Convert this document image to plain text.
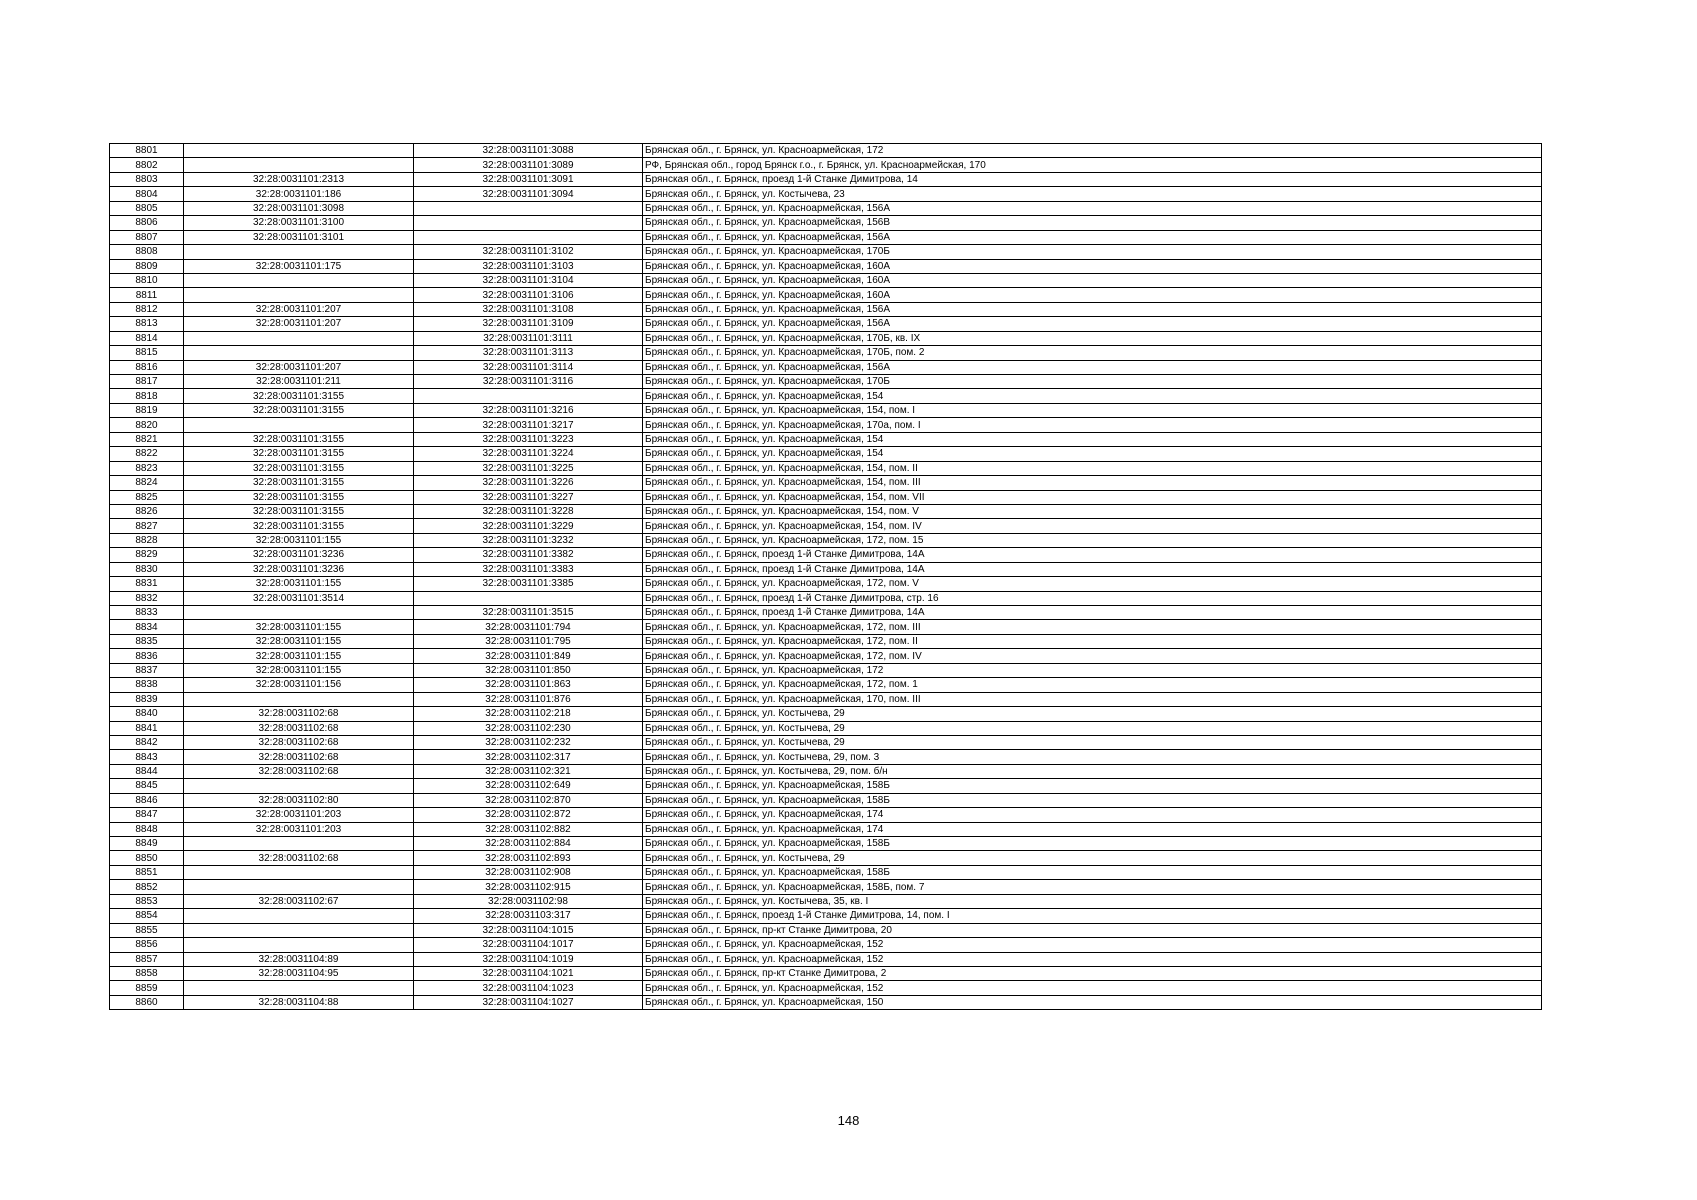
8801		32:28:0031101:3088	Брянская обл., г. Брянск, ул. Красноармейская, 172
8802		32:28:0031101:3089	РФ, Брянская обл., город Брянск г.о., г. Брянск, ул. Красноармейская, 170
8803	32:28:0031101:2313	32:28:0031101:3091	Брянская обл., г. Брянск, проезд 1-й Станке Димитрова, 14
8804	32:28:0031101:186	32:28:0031101:3094	Брянская обл., г. Брянск, ул. Костычева, 23
8805	32:28:0031101:3098		Брянская обл., г. Брянск, ул. Красноармейская, 156А
8806	32:28:0031101:3100		Брянская обл., г. Брянск, ул. Красноармейская, 156В
8807	32:28:0031101:3101		Брянская обл., г. Брянск, ул. Красноармейская, 156А
8808		32:28:0031101:3102	Брянская обл., г. Брянск, ул. Красноармейская, 170Б
8809	32:28:0031101:175	32:28:0031101:3103	Брянская обл., г. Брянск, ул. Красноармейская, 160А
8810		32:28:0031101:3104	Брянская обл., г. Брянск, ул. Красноармейская, 160А
8811		32:28:0031101:3106	Брянская обл., г. Брянск, ул. Красноармейская, 160А
8812	32:28:0031101:207	32:28:0031101:3108	Брянская обл., г. Брянск, ул. Красноармейская, 156А
8813	32:28:0031101:207	32:28:0031101:3109	Брянская обл., г. Брянск, ул. Красноармейская, 156А
8814		32:28:0031101:3111	Брянская обл., г. Брянск, ул. Красноармейская, 170Б, кв. IX
8815		32:28:0031101:3113	Брянская обл., г. Брянск, ул. Красноармейская, 170Б, пом. 2
8816	32:28:0031101:207	32:28:0031101:3114	Брянская обл., г. Брянск, ул. Красноармейская, 156А
8817	32:28:0031101:211	32:28:0031101:3116	Брянская обл., г. Брянск, ул. Красноармейская, 170Б
8818	32:28:0031101:3155		Брянская обл., г. Брянск, ул. Красноармейская, 154
8819	32:28:0031101:3155	32:28:0031101:3216	Брянская обл., г. Брянск, ул. Красноармейская, 154, пом. I
8820		32:28:0031101:3217	Брянская обл., г. Брянск, ул. Красноармейская, 170а, пом. I
8821	32:28:0031101:3155	32:28:0031101:3223	Брянская обл., г. Брянск, ул. Красноармейская, 154
8822	32:28:0031101:3155	32:28:0031101:3224	Брянская обл., г. Брянск, ул. Красноармейская, 154
8823	32:28:0031101:3155	32:28:0031101:3225	Брянская обл., г. Брянск, ул. Красноармейская, 154, пом. II
8824	32:28:0031101:3155	32:28:0031101:3226	Брянская обл., г. Брянск, ул. Красноармейская, 154, пом. III
8825	32:28:0031101:3155	32:28:0031101:3227	Брянская обл., г. Брянск, ул. Красноармейская, 154, пом. VII
8826	32:28:0031101:3155	32:28:0031101:3228	Брянская обл., г. Брянск, ул. Красноармейская, 154, пом. V
8827	32:28:0031101:3155	32:28:0031101:3229	Брянская обл., г. Брянск, ул. Красноармейская, 154, пом. IV
8828	32:28:0031101:155	32:28:0031101:3232	Брянская обл., г. Брянск, ул. Красноармейская, 172, пом. 15
8829	32:28:0031101:3236	32:28:0031101:3382	Брянская обл., г. Брянск, проезд 1-й Станке Димитрова, 14А
8830	32:28:0031101:3236	32:28:0031101:3383	Брянская обл., г. Брянск, проезд 1-й Станке Димитрова, 14А
8831	32:28:0031101:155	32:28:0031101:3385	Брянская обл., г. Брянск, ул. Красноармейская, 172, пом. V
8832	32:28:0031101:3514		Брянская обл., г. Брянск, проезд 1-й Станке Димитрова, стр. 16
8833		32:28:0031101:3515	Брянская обл., г. Брянск, проезд 1-й Станке Димитрова, 14А
8834	32:28:0031101:155	32:28:0031101:794	Брянская обл., г. Брянск, ул. Красноармейская, 172, пом. III
8835	32:28:0031101:155	32:28:0031101:795	Брянская обл., г. Брянск, ул. Красноармейская, 172, пом. II
8836	32:28:0031101:155	32:28:0031101:849	Брянская обл., г. Брянск, ул. Красноармейская, 172, пом. IV
8837	32:28:0031101:155	32:28:0031101:850	Брянская обл., г. Брянск, ул. Красноармейская, 172
8838	32:28:0031101:156	32:28:0031101:863	Брянская обл., г. Брянск, ул. Красноармейская, 172, пом. 1
8839		32:28:0031101:876	Брянская обл., г. Брянск, ул. Красноармейская, 170, пом. III
8840	32:28:0031102:68	32:28:0031102:218	Брянская обл., г. Брянск, ул. Костычева, 29
8841	32:28:0031102:68	32:28:0031102:230	Брянская обл., г. Брянск, ул. Костычева, 29
8842	32:28:0031102:68	32:28:0031102:232	Брянская обл., г. Брянск, ул. Костычева, 29
8843	32:28:0031102:68	32:28:0031102:317	Брянская обл., г. Брянск, ул. Костычева, 29, пом. 3
8844	32:28:0031102:68	32:28:0031102:321	Брянская обл., г. Брянск, ул. Костычева, 29, пом. б/н
8845		32:28:0031102:649	Брянская обл., г. Брянск, ул. Красноармейская, 158Б
8846	32:28:0031102:80	32:28:0031102:870	Брянская обл., г. Брянск, ул. Красноармейская, 158Б
8847	32:28:0031101:203	32:28:0031102:872	Брянская обл., г. Брянск, ул. Красноармейская, 174
8848	32:28:0031101:203	32:28:0031102:882	Брянская обл., г. Брянск, ул. Красноармейская, 174
8849		32:28:0031102:884	Брянская обл., г. Брянск, ул. Красноармейская, 158Б
8850	32:28:0031102:68	32:28:0031102:893	Брянская обл., г. Брянск, ул. Костычева, 29
8851		32:28:0031102:908	Брянская обл., г. Брянск, ул. Красноармейская, 158Б
8852		32:28:0031102:915	Брянская обл., г. Брянск, ул. Красноармейская, 158Б, пом. 7
8853	32:28:0031102:67	32:28:0031102:98	Брянская обл., г. Брянск, ул. Костычева, 35, кв. I
8854		32:28:0031103:317	Брянская обл., г. Брянск, проезд 1-й Станке Димитрова, 14, пом. I
8855		32:28:0031104:1015	Брянская обл., г. Брянск, пр-кт Станке Димитрова, 20
8856		32:28:0031104:1017	Брянская обл., г. Брянск, ул. Красноармейская, 152
8857	32:28:0031104:89	32:28:0031104:1019	Брянская обл., г. Брянск, ул. Красноармейская, 152
8858	32:28:0031104:95	32:28:0031104:1021	Брянская обл., г. Брянск, пр-кт Станке Димитрова, 2
8859		32:28:0031104:1023	Брянская обл., г. Брянск, ул. Красноармейская, 152
8860	32:28:0031104:88	32:28:0031104:1027	Брянская обл., г. Брянск, ул. Красноармейская, 150
148
